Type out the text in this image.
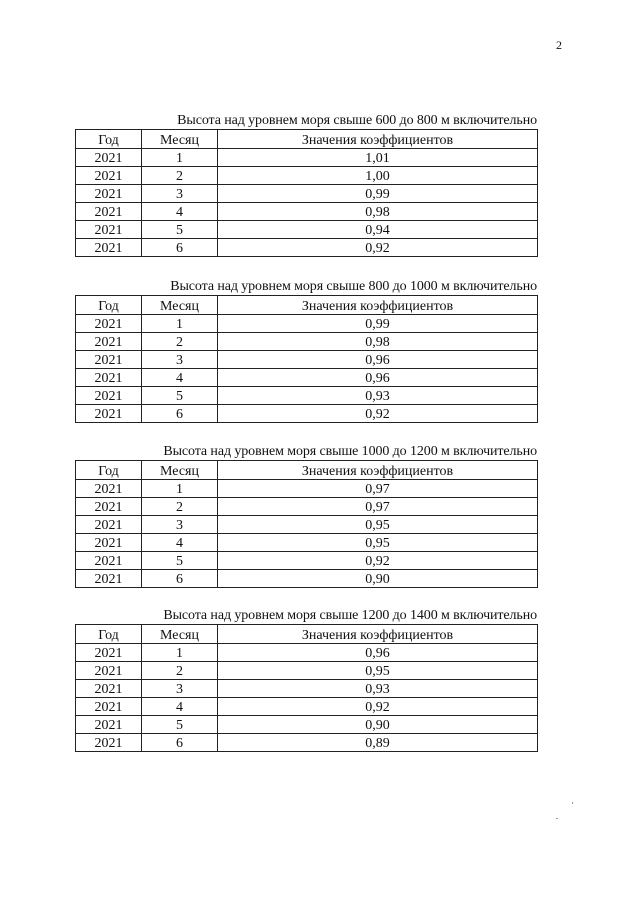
2
Высота над уровнем моря свыше 600 до 800 м включительно
Год	Месяц	Значения коэффициентов
2021	1	1,01
2021	2	1,00
2021	3	0,99
2021	4	0,98
2021	5	0,94
2021	6	0,92
Высота над уровнем моря свыше 800 до 1000 м включительно
Год	Месяц	Значения коэффициентов
2021	1	0,99
2021	2	0,98
2021	3	0,96
2021	4	0,96
2021	5	0,93
2021	6	0,92
Высота над уровнем моря свыше 1000 до 1200 м включительно
Год	Месяц	Значения коэффициентов
2021	1	0,97
2021	2	0,97
2021	3	0,95
2021	4	0,95
2021	5	0,92
2021	6	0,90
Высота над уровнем моря свыше 1200 до 1400 м включительно
Год	Месяц	Значения коэффициентов
2021	1	0,96
2021	2	0,95
2021	3	0,93
2021	4	0,92
2021	5	0,90
2021	6	0,89
